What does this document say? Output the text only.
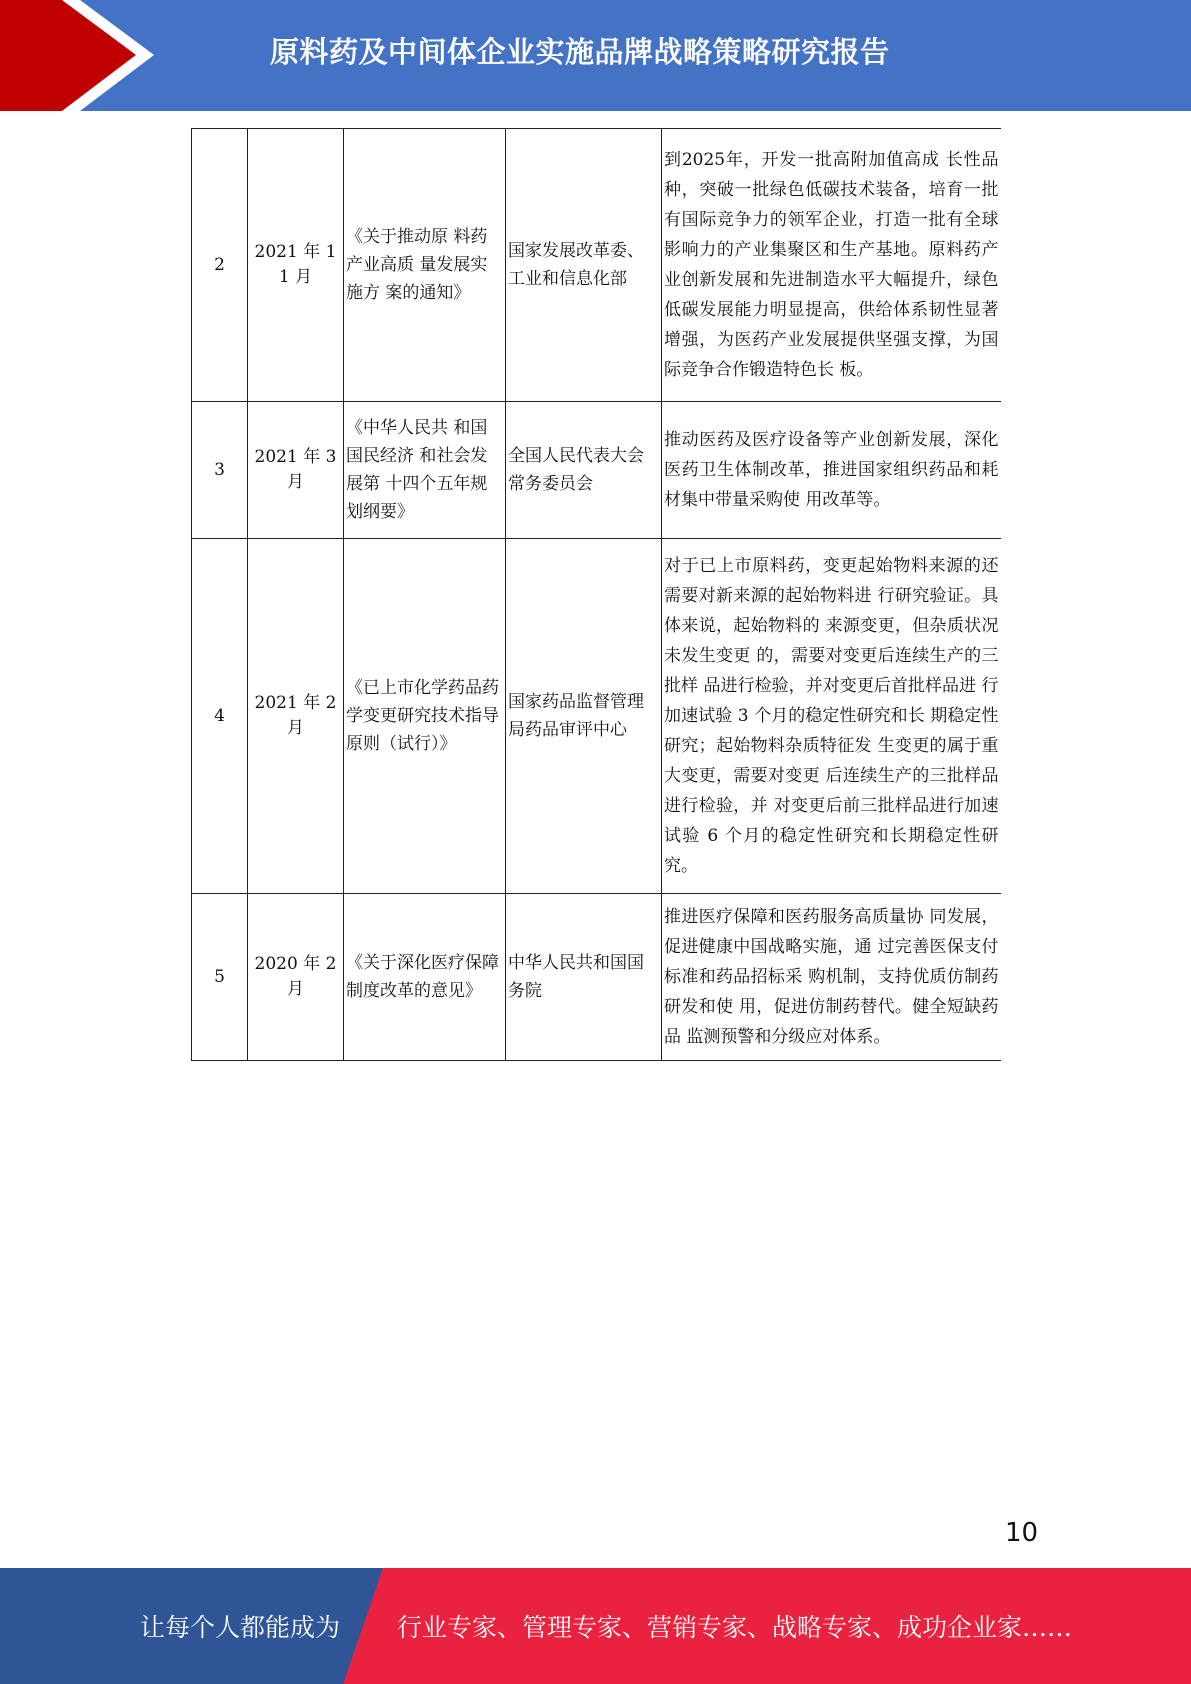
原料药及中间体企业实施品牌战略策略研究报告
2	2021 年 11 月	《关于推动原 料药产业高质 量发展实施方 案的通知》	国家发展改革委、工业和信息化部	到2025年，开发一批高附加值高成 长性品种，突破一批绿色低碳技术装备，培育一批有国际竞争力的领军企业，打造一批有全球影响力的产业集聚区和生产基地。原料药产业创新发展和先进制造水平大幅提升，绿色低碳发展能力明显提高，供给体系韧性显著增强，为医药产业发展提供坚强支撑，为国际竞争合作锻造特色长 板。
3	2021 年 3 月	《中华人民共 和国国民经济 和社会发展第 十四个五年规 划纲要》	全国人民代表大会常务委员会	推动医药及医疗设备等产业创新发展，深化医药卫生体制改革，推进国家组织药品和耗材集中带量采购使 用改革等。
4	2021 年 2 月	《已上市化学药品药学变更研究技术指导原则（试行）》	国家药品监督管理局药品审评中心	对于已上市原料药，变更起始物料来源的还需要对新来源的起始物料进 行研究验证。具体来说，起始物料的 来源变更，但杂质状况未发生变更 的，需要对变更后连续生产的三批样 品进行检验，并对变更后首批样品进 行加速试验 3 个月的稳定性研究和长 期稳定性研究；起始物料杂质特征发 生变更的属于重大变更，需要对变更 后连续生产的三批样品进行检验，并 对变更后前三批样品进行加速试验 6 个月的稳定性研究和长期稳定性研 究。
5	2020 年 2 月	《关于深化医疗保障制度改革的意见》	中华人民共和国国务院	推进医疗保障和医药服务高质量协 同发展，促进健康中国战略实施，通 过完善医保支付标准和药品招标采 购机制，支持优质仿制药研发和使 用，促进仿制药替代。健全短缺药品 监测预警和分级应对体系。
10
让每个人都能成为 行业专家、管理专家、营销专家、战略专家、成功企业家……
